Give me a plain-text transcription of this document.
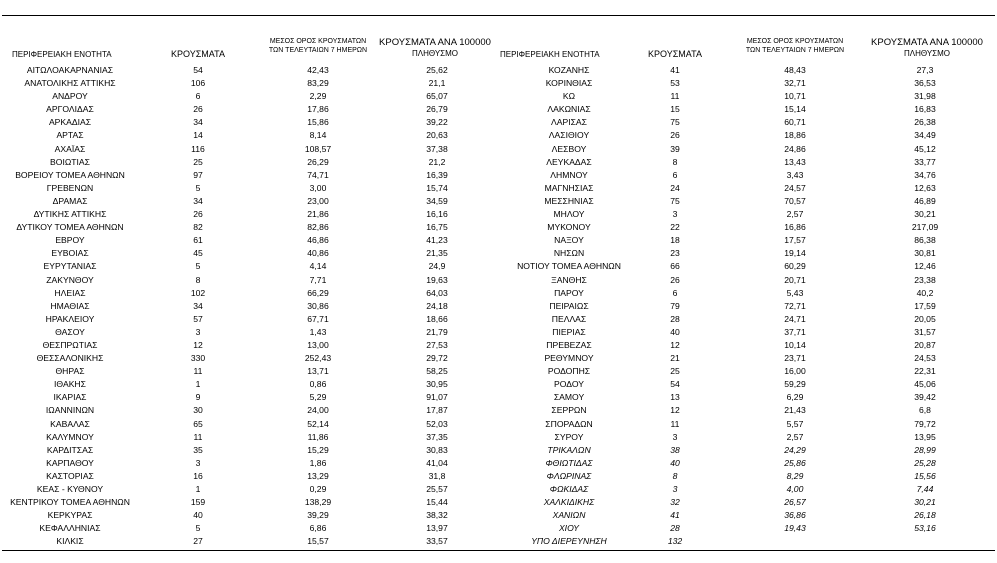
ΠΕΡΙΦΕΡΕΙΑΚΗ ΕΝΟΤΗΤΑ	ΚΡΟΥΣΜΑΤΑ
ΜΕΣΟΣ ΟΡΟΣ ΚΡΟΥΣΜΑΤΩΝ
ΤΩΝ ΤΕΛΕΥΤΑΙΩΝ 7 ΗΜΕΡΩΝ
ΚΡΟΥΣΜΑΤΑ ΑΝΑ 100000
ΠΛΗΘΥΣΜΟ
ΑΙΤΩΛΟΑΚΑΡΝΑΝΙΑΣ	54	42,43	25,62
ΑΝΑΤΟΛΙΚΗΣ ΑΤΤΙΚΗΣ	106	83,29	21,1
ΑΝΔΡΟΥ	6	2,29	65,07
ΑΡΓΟΛΙΔΑΣ	26	17,86	26,79
ΑΡΚΑΔΙΑΣ	34	15,86	39,22
ΑΡΤΑΣ	14	8,14	20,63
ΑΧΑΪΑΣ	116	108,57	37,38
ΒΟΙΩΤΙΑΣ	25	26,29	21,2
ΒΟΡΕΙΟΥ ΤΟΜΕΑ ΑΘΗΝΩΝ	97	74,71	16,39
ΓΡΕΒΕΝΩΝ	5	3,00	15,74
ΔΡΑΜΑΣ	34	23,00	34,59
ΔΥΤΙΚΗΣ ΑΤΤΙΚΗΣ	26	21,86	16,16
ΔΥΤΙΚΟΥ ΤΟΜΕΑ ΑΘΗΝΩΝ	82	82,86	16,75
ΕΒΡΟΥ	61	46,86	41,23
ΕΥΒΟΙΑΣ	45	40,86	21,35
ΕΥΡΥΤΑΝΙΑΣ	5	4,14	24,9
ΖΑΚΥΝΘΟΥ	8	7,71	19,63
ΗΛΕΙΑΣ	102	66,29	64,03
ΗΜΑΘΙΑΣ	34	30,86	24,18
ΗΡΑΚΛΕΙΟΥ	57	67,71	18,66
ΘΑΣΟΥ	3	1,43	21,79
ΘΕΣΠΡΩΤΙΑΣ	12	13,00	27,53
ΘΕΣΣΑΛΟΝΙΚΗΣ	330	252,43	29,72
ΘΗΡΑΣ	11	13,71	58,25
ΙΘΑΚΗΣ	1	0,86	30,95
ΙΚΑΡΙΑΣ	9	5,29	91,07
ΙΩΑΝΝΙΝΩΝ	30	24,00	17,87
ΚΑΒΑΛΑΣ	65	52,14	52,03
ΚΑΛΥΜΝΟΥ	11	11,86	37,35
ΚΑΡΔΙΤΣΑΣ	35	15,29	30,83
ΚΑΡΠΑΘΟΥ	3	1,86	41,04
ΚΑΣΤΟΡΙΑΣ	16	13,29	31,8
ΚΕΑΣ - ΚΥΘΝΟΥ	1	0,29	25,57
ΚΕΝΤΡΙΚΟΥ ΤΟΜΕΑ ΑΘΗΝΩΝ	159	138,29	15,44
ΚΕΡΚΥΡΑΣ	40	39,29	38,32
ΚΕΦΑΛΛΗΝΙΑΣ	5	6,86	13,97
ΚΙΛΚΙΣ	27	15,57	33,57
ΠΕΡΙΦΕΡΕΙΑΚΗ ΕΝΟΤΗΤΑ	ΚΡΟΥΣΜΑΤΑ
ΜΕΣΟΣ ΟΡΟΣ ΚΡΟΥΣΜΑΤΩΝ
ΤΩΝ ΤΕΛΕΥΤΑΙΩΝ 7 ΗΜΕΡΩΝ
ΚΡΟΥΣΜΑΤΑ ΑΝΑ 100000
ΠΛΗΘΥΣΜΟ
ΚΟΖΑΝΗΣ	41	48,43	27,3
ΚΟΡΙΝΘΙΑΣ	53	32,71	36,53
ΚΩ	11	10,71	31,98
ΛΑΚΩΝΙΑΣ	15	15,14	16,83
ΛΑΡΙΣΑΣ	75	60,71	26,38
ΛΑΣΙΘΙΟΥ	26	18,86	34,49
ΛΕΣΒΟΥ	39	24,86	45,12
ΛΕΥΚΑΔΑΣ	8	13,43	33,77
ΛΗΜΝΟΥ	6	3,43	34,76
ΜΑΓΝΗΣΙΑΣ	24	24,57	12,63
ΜΕΣΣΗΝΙΑΣ	75	70,57	46,89
ΜΗΛΟΥ	3	2,57	30,21
ΜΥΚΟΝΟΥ	22	16,86	217,09
ΝΑΞΟΥ	18	17,57	86,38
ΝΗΣΩΝ	23	19,14	30,81
ΝΟΤΙΟΥ ΤΟΜΕΑ ΑΘΗΝΩΝ	66	60,29	12,46
ΞΑΝΘΗΣ	26	20,71	23,38
ΠΑΡΟΥ	6	5,43	40,2
ΠΕΙΡΑΙΩΣ	79	72,71	17,59
ΠΕΛΛΑΣ	28	24,71	20,05
ΠΙΕΡΙΑΣ	40	37,71	31,57
ΠΡΕΒΕΖΑΣ	12	10,14	20,87
ΡΕΘΥΜΝΟΥ	21	23,71	24,53
ΡΟΔΟΠΗΣ	25	16,00	22,31
ΡΟΔΟΥ	54	59,29	45,06
ΣΑΜΟΥ	13	6,29	39,42
ΣΕΡΡΩΝ	12	21,43	6,8
ΣΠΟΡΑΔΩΝ	11	5,57	79,72
ΣΥΡΟΥ	3	2,57	13,95
ΤΡΙΚΑΛΩΝ	38	24,29	28,99
ΦΘΙΩΤΙΔΑΣ	40	25,86	25,28
ΦΛΩΡΙΝΑΣ	8	8,29	15,56
ΦΩΚΙΔΑΣ	3	4,00	7,44
ΧΑΛΚΙΔΙΚΗΣ	32	26,57	30,21
ΧΑΝΙΩΝ	41	36,86	26,18
ΧΙΟΥ	28	19,43	53,16
ΥΠΟ ΔΙΕΡΕΥΝΗΣΗ	132
